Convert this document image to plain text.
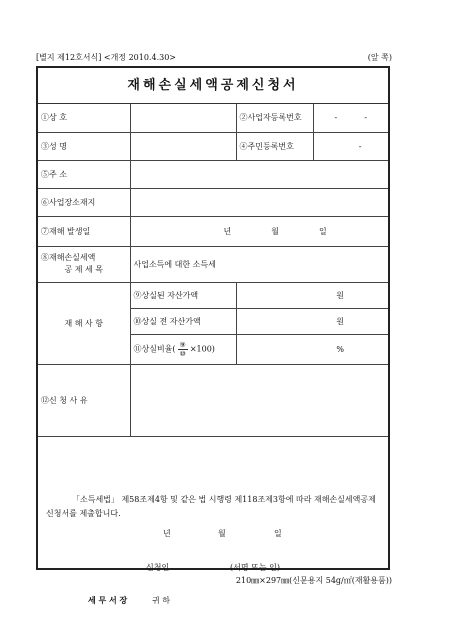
[별지 제12호서식] <개정 2010.4.30>	(앞 쪽)
재해손실세액공제신청서
①상 호		②사업자등록번호	- -

③성 명		④주민등록번호	-

⑤주 소			
⑥사업장소재지			
⑦재해 발생일	년 월 일		

⑧재해손실세액
공 제 세 목	사업소득에 대한 소득세		
재 해 사 항	⑨상실된 자산가액	원	
	⑩상실 전 자산가액	원	
	⑪상실비율( $\frac{\text{⑨}}{\text{⑩}} \times 100$)	%	
⑫신 청 사 유			
「소득세법」 제58조제4항 및 같은 법 시행령 제118조제3항에 따라 재해손실세액공제신청서를 제출합니다.
년	월	일
신청인	(서명 또는 인)
세 무 서 장	귀 하
210㎜×297㎜(신문용지 54g/㎡(재활용품))
